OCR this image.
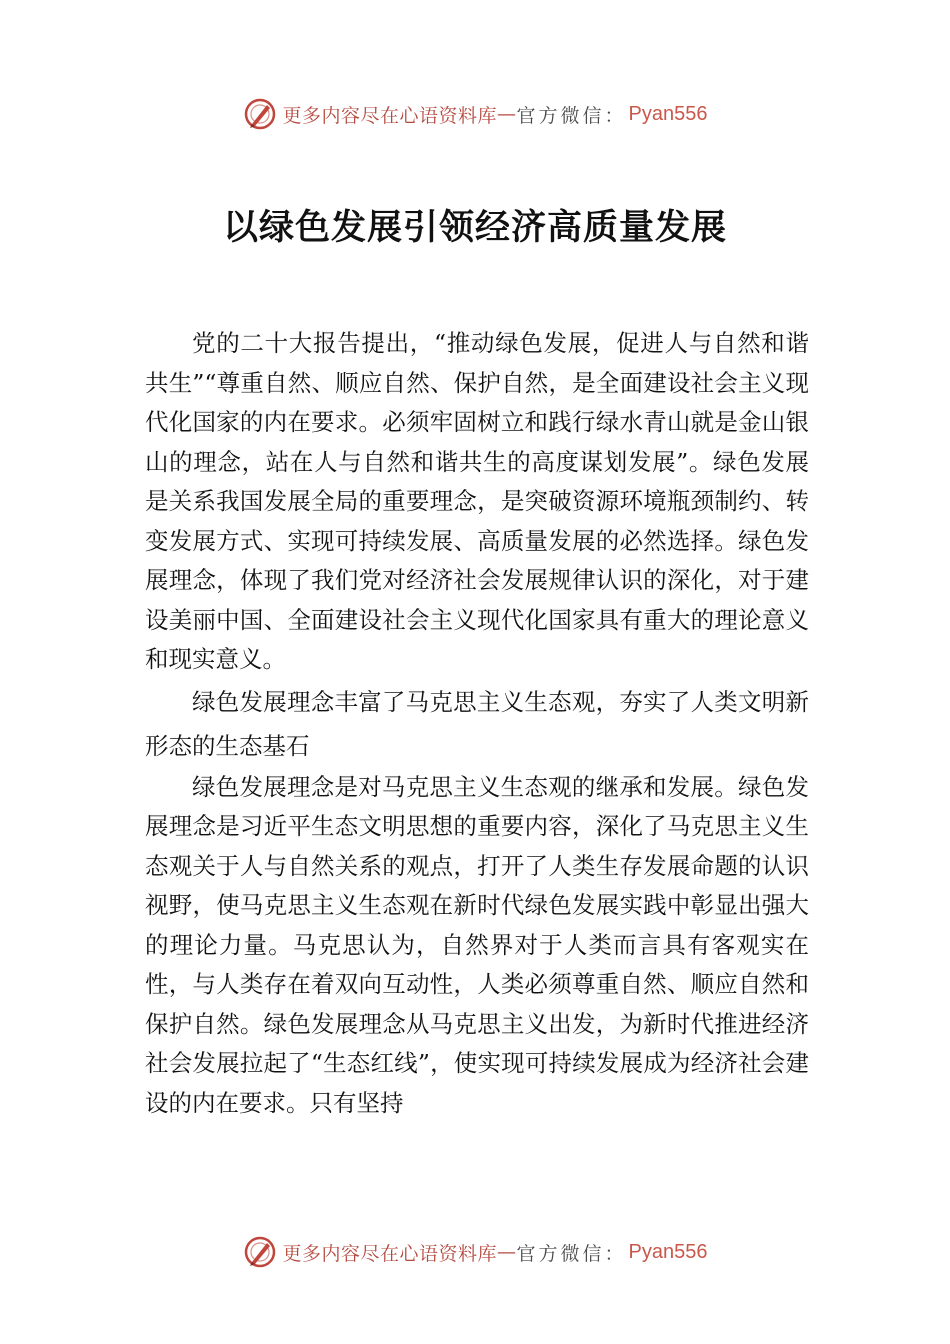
更多内容尽在心语资料库 — 官方微信： Pyan556
以绿色发展引领经济高质量发展

党的二十大报告提出，“推动绿色发展，促进人与自然和谐共生”“尊重自然、顺应自然、保护自然，是全面建设社会主义现代化国家的内在要求。必须牢固树立和践行绿水青山就是金山银山的理念，站在人与自然和谐共生的高度谋划发展”。绿色发展是关系我国发展全局的重要理念，是突破资源环境瓶颈制约、转变发展方式、实现可持续发展、高质量发展的必然选择。绿色发展理念，体现了我们党对经济社会发展规律认识的深化，对于建设美丽中国、全面建设社会主义现代化国家具有重大的理论意义和现实意义。

绿色发展理念丰富了马克思主义生态观，夯实了人类文明新形态的生态基石

绿色发展理念是对马克思主义生态观的继承和发展。绿色发展理念是习近平生态文明思想的重要内容，深化了马克思主义生态观关于人与自然关系的观点，打开了人类生存发展命题的认识视野，使马克思主义生态观在新时代绿色发展实践中彰显出强大的理论力量。马克思认为，自然界对于人类而言具有客观实在性，与人类存在着双向互动性，人类必须尊重自然、顺应自然和保护自然。绿色发展理念从马克思主义出发，为新时代推进经济社会发展拉起了“生态红线”，使实现可持续发展成为经济社会建设的内在要求。只有坚持

更多内容尽在心语资料库 — 官方微信： Pyan556
